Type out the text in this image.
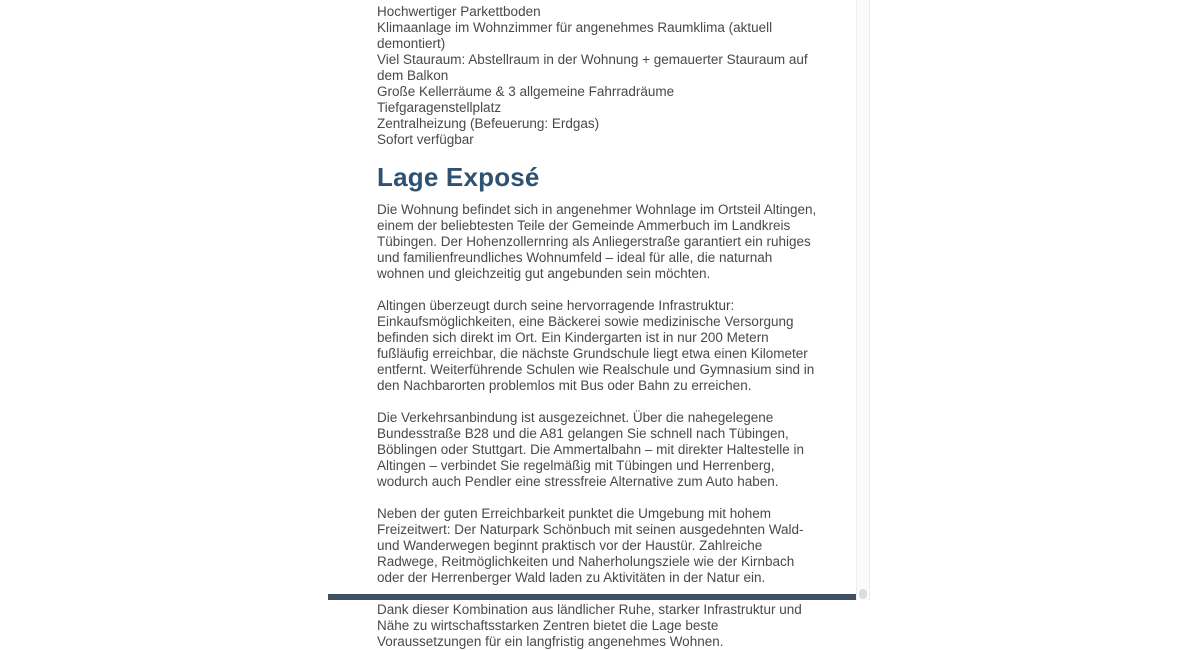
Hochwertiger Parkettboden
Klimaanlage im Wohnzimmer für angenehmes Raumklima (aktuell demontiert)
Viel Stauraum: Abstellraum in der Wohnung + gemauerter Stauraum auf dem Balkon
Große Kellerräume & 3 allgemeine Fahrradräume
Tiefgaragenstellplatz
Zentralheizung (Befeuerung: Erdgas)
Sofort verfügbar
Lage Exposé

Die Wohnung befindet sich in angenehmer Wohnlage im Ortsteil Altingen, einem der beliebtesten Teile der Gemeinde Ammerbuch im Landkreis Tübingen. Der Hohenzollernring als Anliegerstraße garantiert ein ruhiges und familienfreundliches Wohnumfeld – ideal für alle, die naturnah wohnen und gleichzeitig gut angebunden sein möchten.

Altingen überzeugt durch seine hervorragende Infrastruktur: Einkaufsmöglichkeiten, eine Bäckerei sowie medizinische Versorgung befinden sich direkt im Ort. Ein Kindergarten ist in nur 200 Metern fußläufig erreichbar, die nächste Grundschule liegt etwa einen Kilometer entfernt. Weiterführende Schulen wie Realschule und Gymnasium sind in den Nachbarorten problemlos mit Bus oder Bahn zu erreichen.

Die Verkehrsanbindung ist ausgezeichnet. Über die nahegelegene Bundesstraße B28 und die A81 gelangen Sie schnell nach Tübingen, Böblingen oder Stuttgart. Die Ammertalbahn – mit direkter Haltestelle in Altingen – verbindet Sie regelmäßig mit Tübingen und Herrenberg, wodurch auch Pendler eine stressfreie Alternative zum Auto haben.

Neben der guten Erreichbarkeit punktet die Umgebung mit hohem Freizeitwert: Der Naturpark Schönbuch mit seinen ausgedehnten Wald- und Wanderwegen beginnt praktisch vor der Haustür. Zahlreiche Radwege, Reitmöglichkeiten und Naherholungsziele wie der Kirnbach oder der Herrenberger Wald laden zu Aktivitäten in der Natur ein.

Dank dieser Kombination aus ländlicher Ruhe, starker Infrastruktur und Nähe zu wirtschaftsstarken Zentren bietet die Lage beste Voraussetzungen für ein langfristig angenehmes Wohnen.
